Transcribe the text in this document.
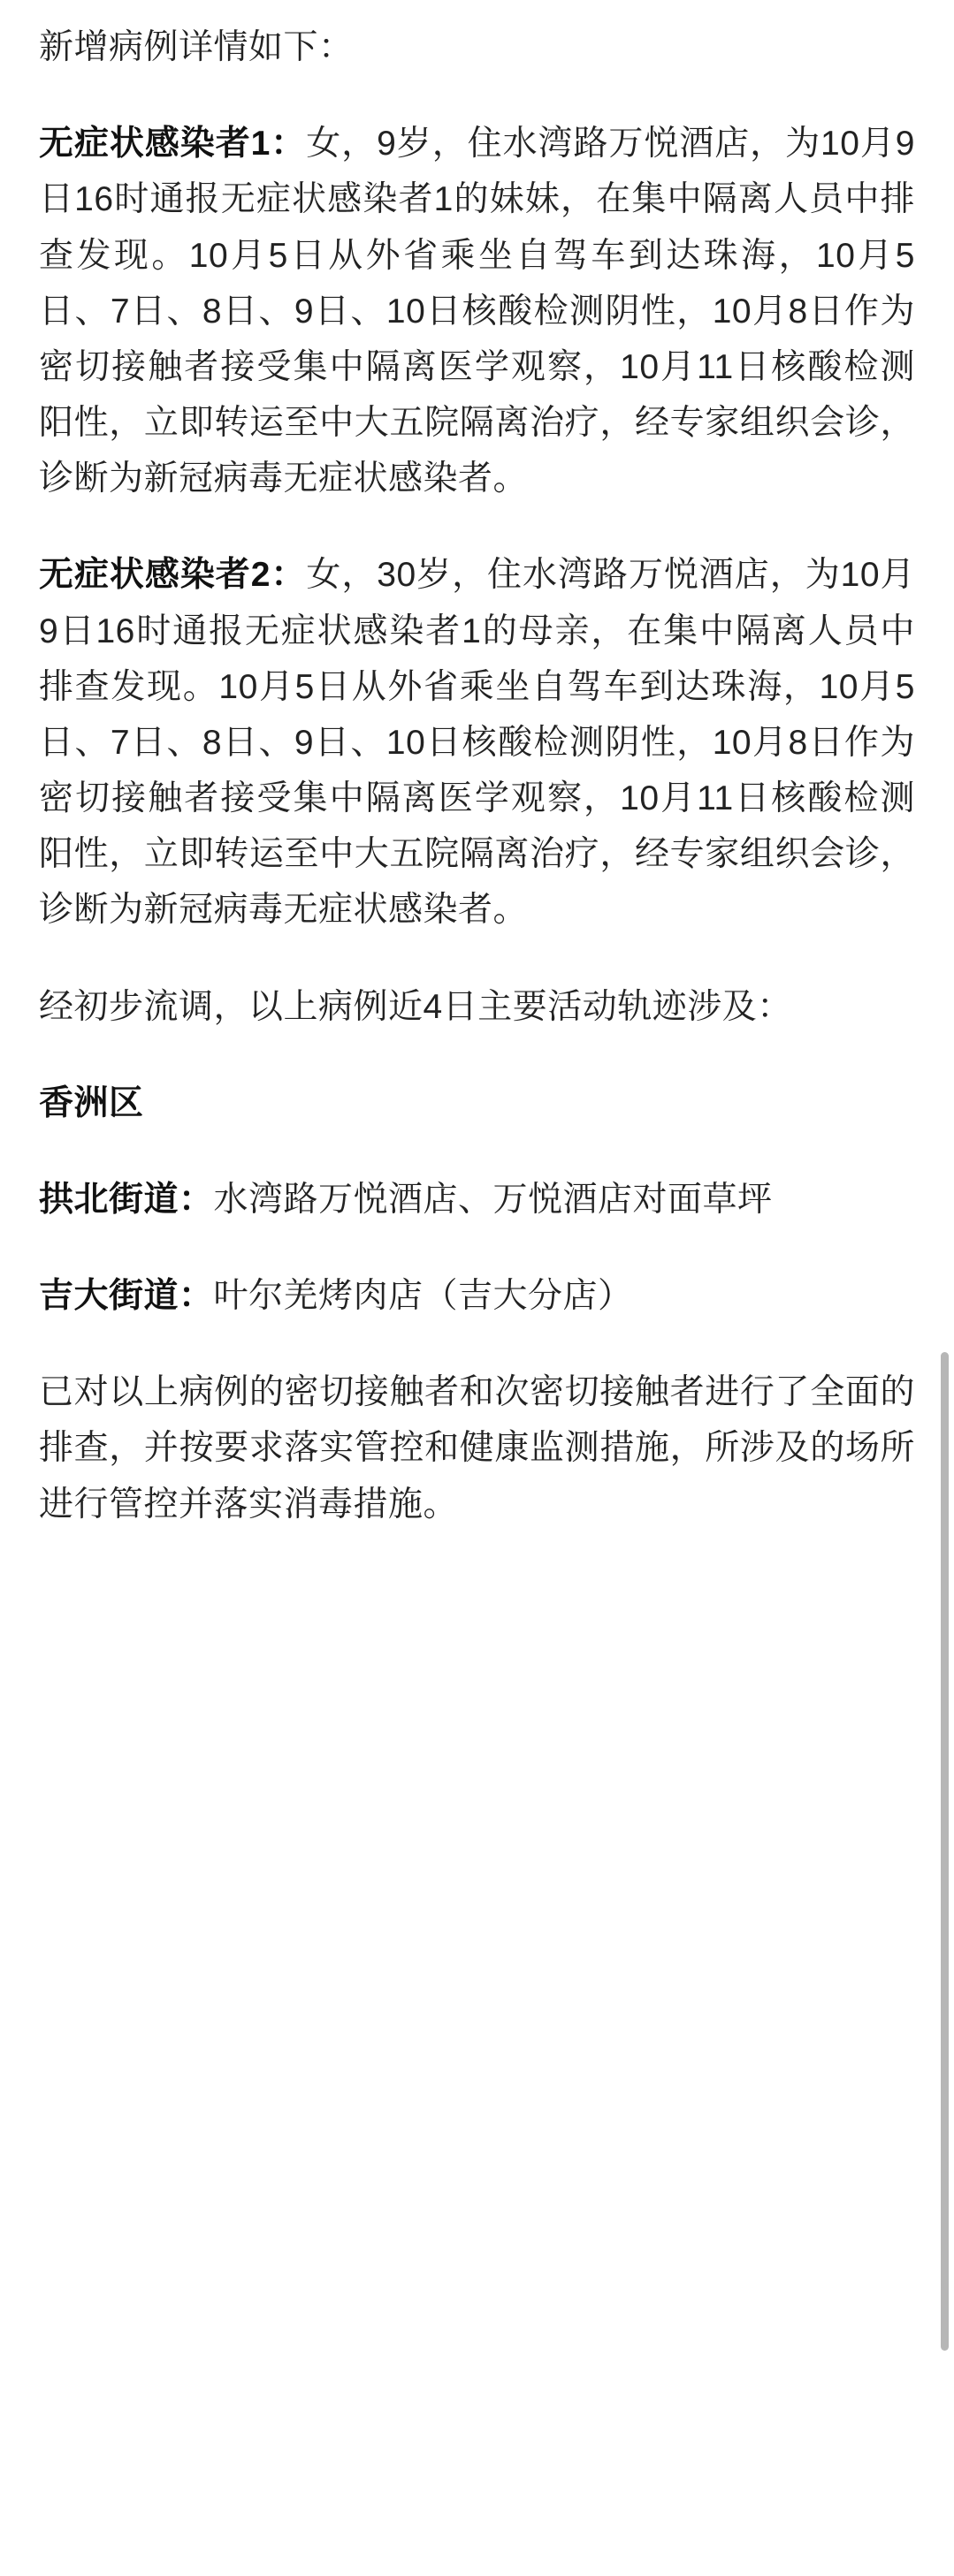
新增病例详情如下：

无症状感染者1：女，9岁，住水湾路万悦酒店，为10月9日16时通报无症状感染者1的妹妹，在集中隔离人员中排查发现。10月5日从外省乘坐自驾车到达珠海，10月5日、7日、8日、9日、10日核酸检测阴性，10月8日作为密切接触者接受集中隔离医学观察，10月11日核酸检测阳性，立即转运至中大五院隔离治疗，经专家组织会诊，诊断为新冠病毒无症状感染者。

无症状感染者2：女，30岁，住水湾路万悦酒店，为10月9日16时通报无症状感染者1的母亲，在集中隔离人员中排查发现。10月5日从外省乘坐自驾车到达珠海，10月5日、7日、8日、9日、10日核酸检测阴性，10月8日作为密切接触者接受集中隔离医学观察，10月11日核酸检测阳性，立即转运至中大五院隔离治疗，经专家组织会诊，诊断为新冠病毒无症状感染者。

经初步流调，以上病例近4日主要活动轨迹涉及：

香洲区

拱北街道：水湾路万悦酒店、万悦酒店对面草坪

吉大街道：叶尔羌烤肉店（吉大分店）

已对以上病例的密切接触者和次密切接触者进行了全面的排查，并按要求落实管控和健康监测措施，所涉及的场所进行管控并落实消毒措施。
